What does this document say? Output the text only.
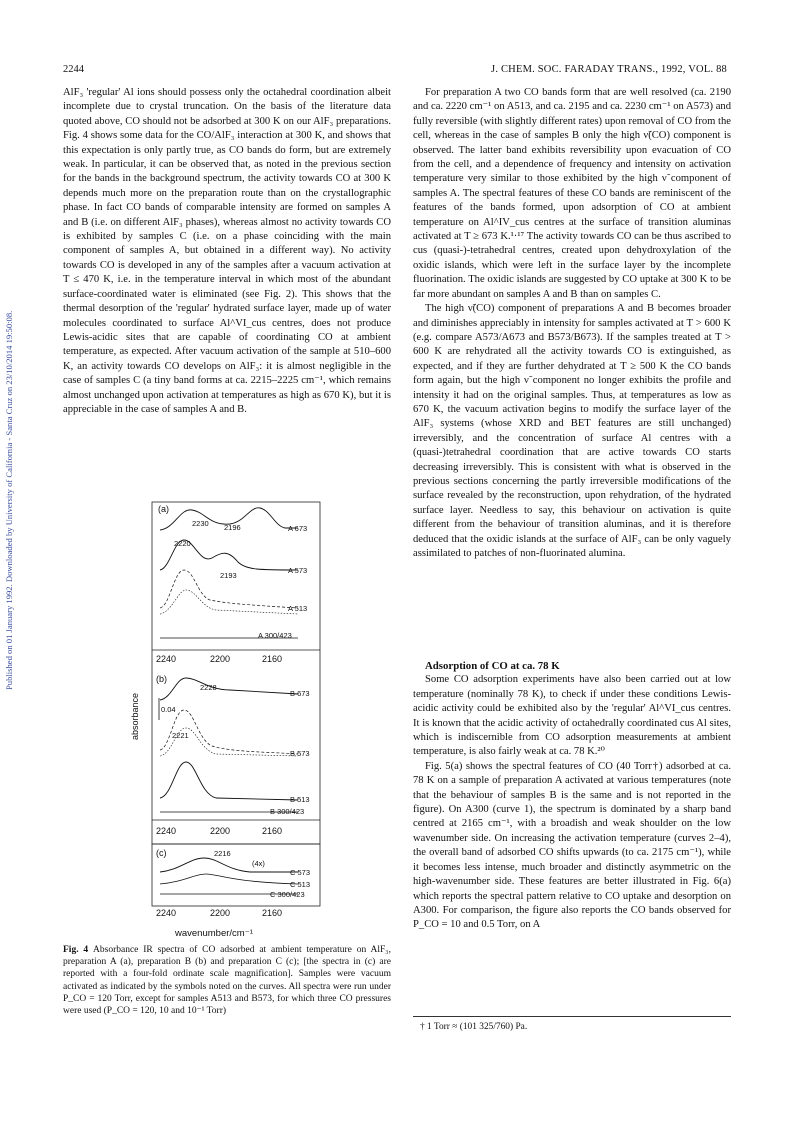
Published on 01 January 1992. Downloaded by University of California - Santa Cruz on 23/10/2014 19:50:08.
2244	J. CHEM. SOC. FARADAY TRANS., 1992, VOL. 88

AlF₃ 'regular' Al ions should possess only the octahedral coordination albeit incomplete due to crystal truncation. On the basis of the literature data quoted above, CO should not be adsorbed at 300 K on our AlF₃ preparations. Fig. 4 shows some data for the CO/AlF₃ interaction at 300 K, and shows that this expectation is only partly true, as CO bands do form, but are extremely weak. In particular, it can be observed that, as noted in the previous section for the bands in the background spectrum, the activity towards CO at 300 K depends much more on the preparation route than on the crystallographic phase. In fact CO bands of comparable intensity are formed on samples A and B (i.e. on different AlF₃ phases), whereas almost no activity towards CO is exhibited by samples C (i.e. on a phase coinciding with the main component of samples A, but obtained in a different way). No activity towards CO is developed in any of the samples after a vacuum activation at T ≤ 470 K, i.e. in the temperature interval in which most of the abundant surface-coordinated water is eliminated (see Fig. 2). This shows that the thermal desorption of the 'regular' hydrated surface layer, made up of water molecules coordinated to surface Al^VI_cus centres, does not produce Lewis-acidic sites that are capable of coordinating CO at ambient temperature, as expected. After vacuum activation of the sample at 510–600 K, an activity towards CO develops on AlF₃: it is almost negligible in the case of samples C (a tiny band forms at ca. 2215–2225 cm⁻¹, which remains almost unchanged upon activation at temperatures as high as 670 K), but it is appreciable in the case of samples A and B.

For preparation A two CO bands form that are well resolved (ca. 2190 and ca. 2220 cm⁻¹ on A513, and ca. 2195 and ca. 2230 cm⁻¹ on A573) and fully reversible (with slightly different rates) upon removal of CO from the cell, whereas in the case of samples B only the high ν̃(CO) component is observed. The latter band exhibits reversibility upon evacuation of CO from the cell, and a dependence of frequency and intensity on activation temperature very similar to those exhibited by the high ν̃ component of samples A. The spectral features of these CO bands are reminiscent of the features of the bands formed, upon adsorption of CO at ambient temperature on Al^IV_cus centres at the surface of transition aluminas activated at T ≥ 673 K.¹·¹⁷ The activity towards CO can be thus ascribed to cus (quasi-)-tetrahedral centres, created upon dehydroxylation of the oxidic islands, which were left in the surface layer by the incomplete fluorination. The oxidic islands are suggested by CO uptake at 300 K to be far more abundant on samples A and B than on samples C.

The high ν̃(CO) component of preparations A and B becomes broader and diminishes appreciably in intensity for samples activated at T > 600 K (e.g. compare A573/A673 and B573/B673). If the samples treated at T > 600 K are rehydrated all the activity towards CO is extinguished, as expected, and if they are further dehydrated at T ≥ 500 K the CO bands form again, but the high ν̃ component no longer exhibits the profile and intensity it had on the original samples. Thus, at temperatures as low as 670 K, the vacuum activation begins to modify the surface layer of the AlF₃ systems (whose XRD and BET features are still unchanged) irreversibly, and the concentration of surface Al centres with a (quasi-)tetrahedral coordination that are active towards CO starts decreasing irreversibly. This is consistent with what is observed in the previous sections concerning the partly irreversible modifications of the surface revealed by the reconstruction, upon rehydration, of the hydrated surface layer. Needless to say, this behaviour on activation is quite different from the behaviour of transition aluminas, and it is therefore deduced that the oxidic islands at the surface of AlF₃ can be only vaguely assimilated to patches of non-fluorinated alumina.

Adsorption of CO at ca. 78 K

Some CO adsorption experiments have also been carried out at low temperature (nominally 78 K), to check if under these conditions Lewis-acidic activity could be exhibited also by the 'regular' Al^VI_cus centres. It is known that the acidic activity of octahedrally coordinated cus Al sites, which is indiscernible from CO adsorption measurements at ambient temperature, is also fairly weak at ca. 78 K.²⁰

Fig. 5(a) shows the spectral features of CO (40 Torr†) adsorbed at ca. 78 K on a sample of preparation A activated at various temperatures (note that the behaviour of samples B is the same and is not reported in the figure). On A300 (curve 1), the spectrum is dominated by a sharp band centred at 2165 cm⁻¹, with a broadish and weak shoulder on the low wavenumber side. On increasing the activation temperature (curves 2–4), the overall band of adsorbed CO shifts upwards (to ca. 2175 cm⁻¹), while it becomes less intense, much broader and distinctly asymmetric on the high-wavenumber side. These features are better illustrated in Fig. 6(a) which reports the spectral pattern relative to CO uptake and desorption on A300. For comparison, the figure also reports the CO bands observed for P_CO = 10 and 0.5 Torr, on A

(a)
2230 2196
2220
2193
A 673
A 573
A 513
A 300/423
2240	2200	2160
(b)
0.04
2228
2221
B 673
B 573
B 513
B 300/423
2240	2200	2160
absorbance
(c)	2216
(4x)
C 573
C 513
C 300/423
2240	2200	2160
Fig. 4
wavenumber/cm⁻¹
Absorbance IR spectra of CO adsorbed at ambient temperature on AlF₃, preparation A (a), preparation B (b) and preparation C (c); [the spectra in (c) are reported with a four-fold ordinate scale magnification]. Samples were vacuum activated as indicated by the symbols noted on the curves. All spectra were run under P_CO = 120 Torr, except for samples A513 and B573, for which three CO pressures were used (P_CO = 120, 10 and 10⁻¹ Torr)
† 1 Torr ≈ (101 325/760) Pa.
